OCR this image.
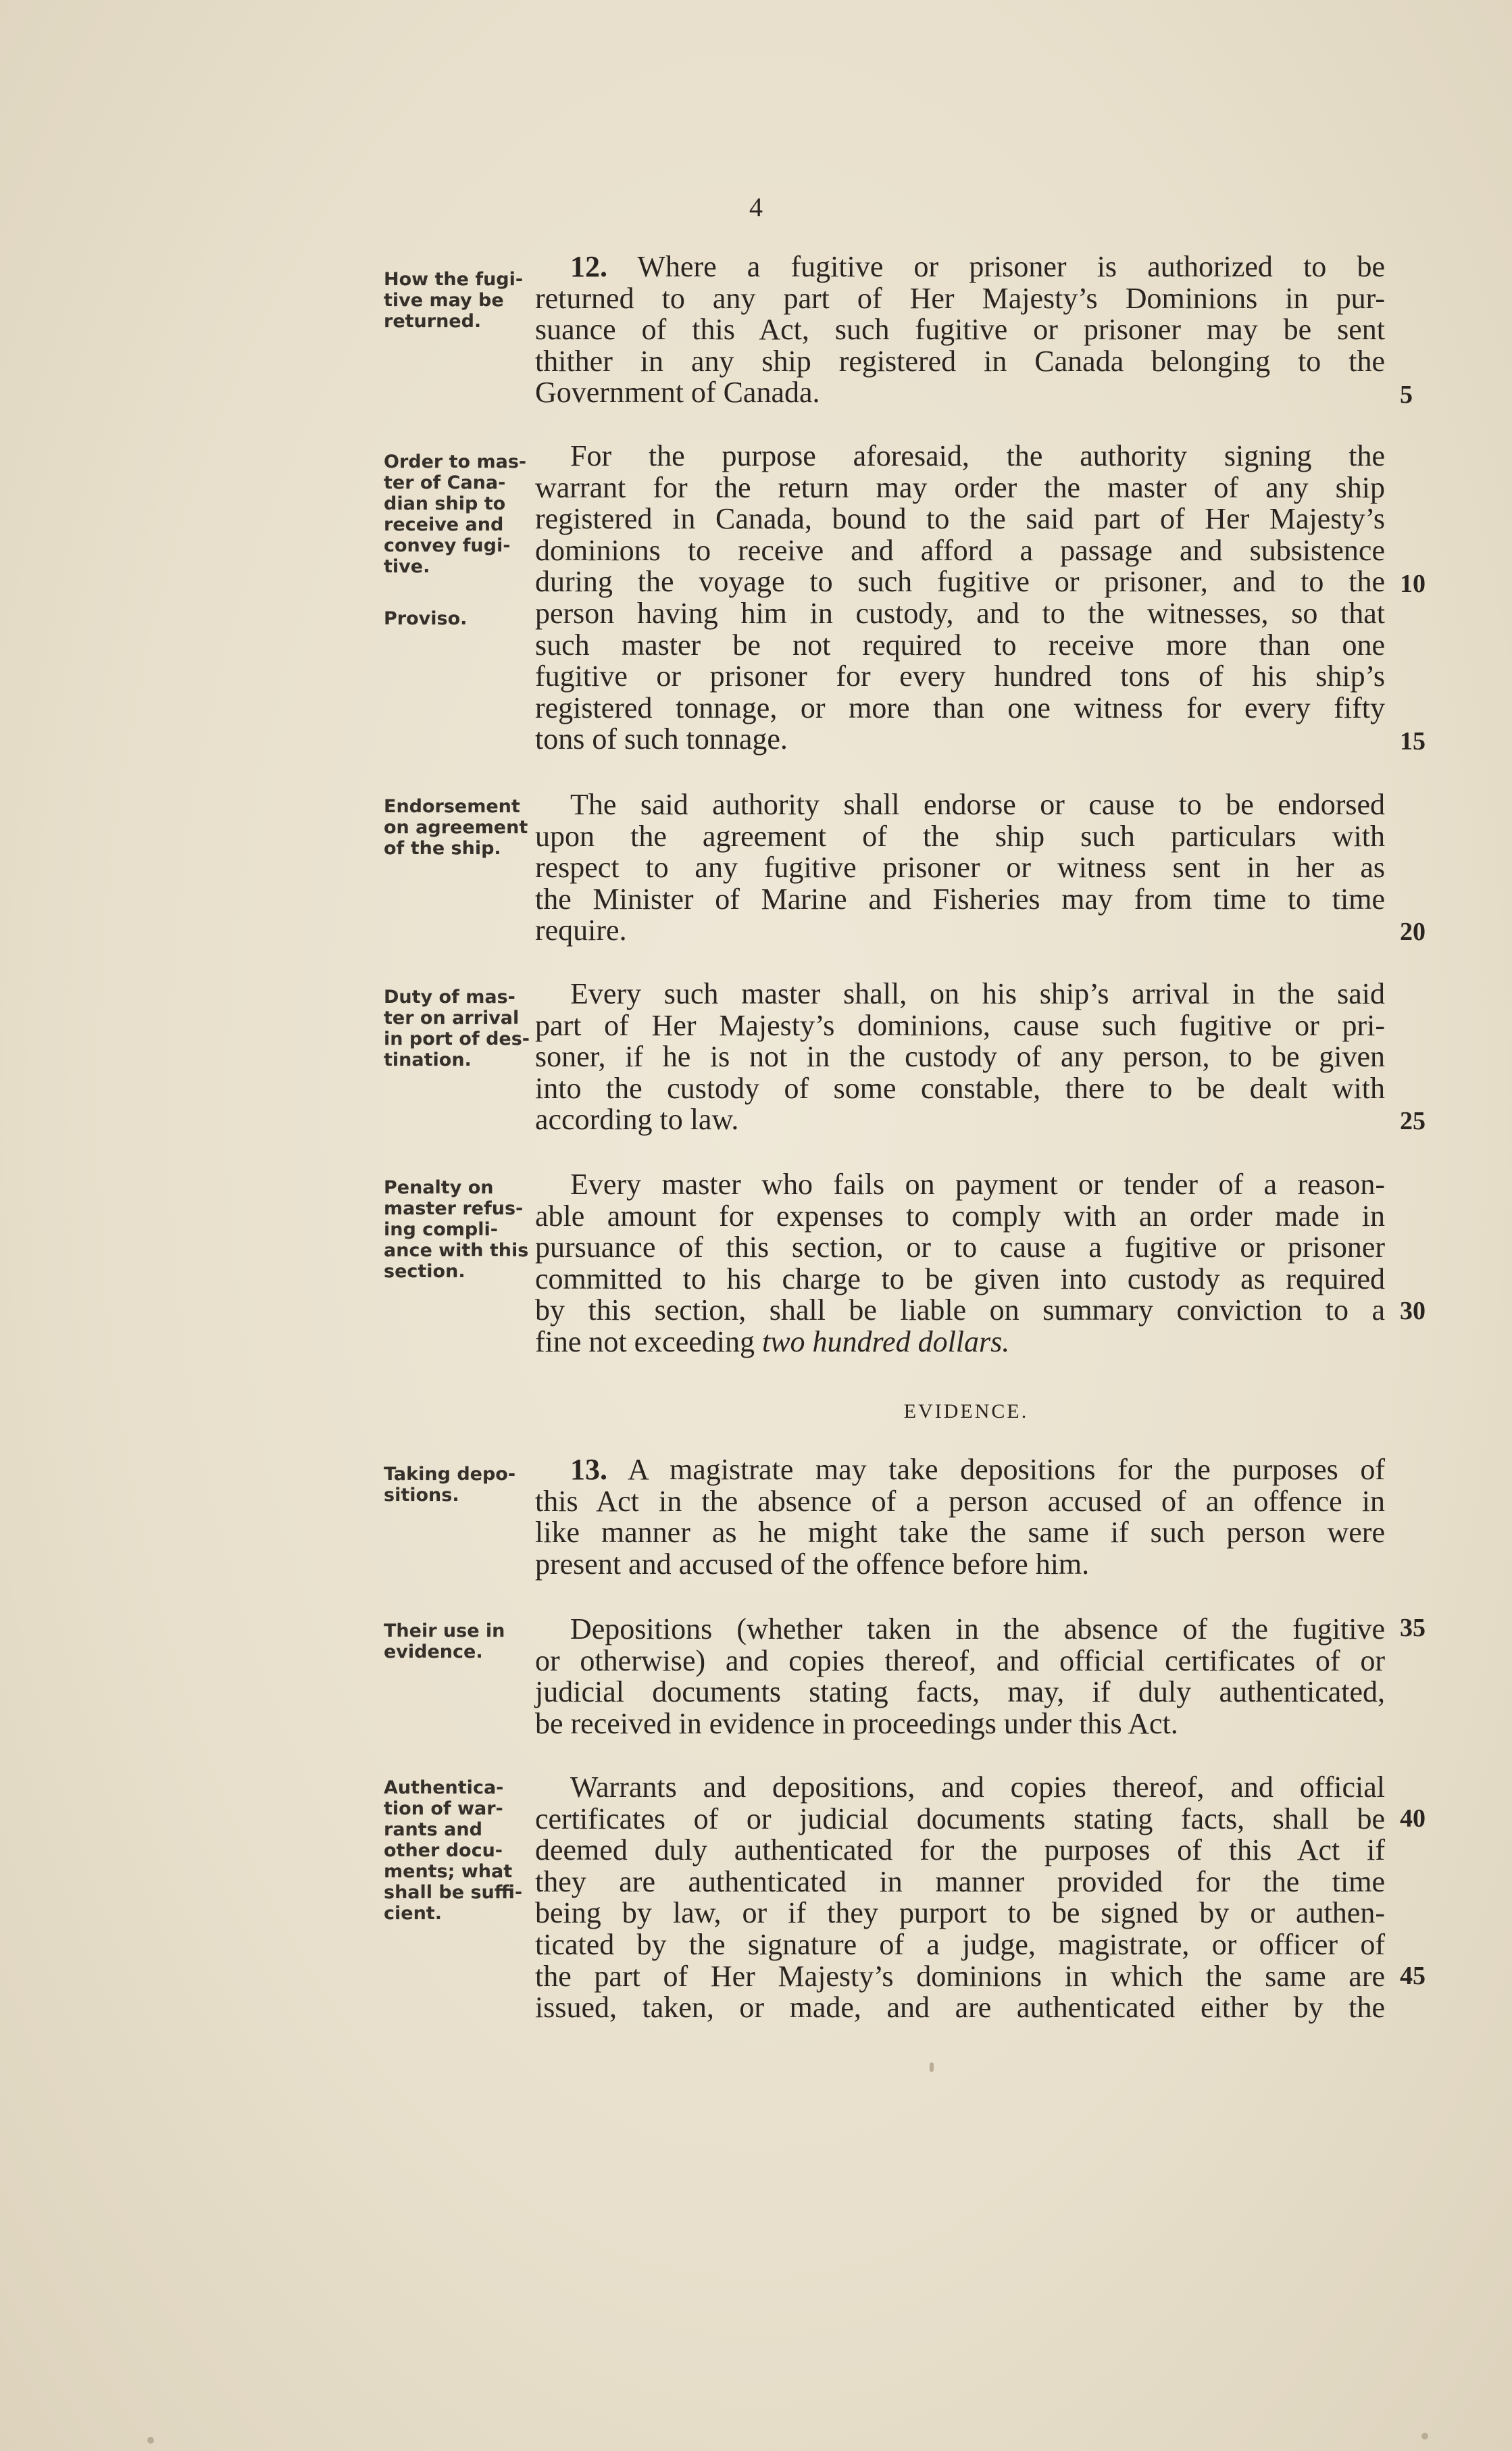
4
How the fugi-
tive may be
returned.
12. Where a fugitive or prisoner is authorized to be
returned to any part of Her Majesty’s Dominions in pur-
suance of this Act, such fugitive or prisoner may be sent
thither in any ship registered in Canada belonging to the
Government of Canada.
Order to mas-
ter of Cana-
dian ship to
receive and
convey fugi-
tive.
Proviso.
For the purpose aforesaid, the authority signing the
warrant for the return may order the master of any ship
registered in Canada, bound to the said part of Her Majesty’s
dominions to receive and afford a passage and subsistence
during the voyage to such fugitive or prisoner, and to the
person having him in custody, and to the witnesses, so that
such master be not required to receive more than one
fugitive or prisoner for every hundred tons of his ship’s
registered tonnage, or more than one witness for every fifty
tons of such tonnage.
Endorsement
on agreement
of the ship.
The said authority shall endorse or cause to be endorsed
upon the agreement of the ship such particulars with
respect to any fugitive prisoner or witness sent in her as
the Minister of Marine and Fisheries may from time to time
require.
Duty of mas-
ter on arrival
in port of des-
tination.
Every such master shall, on his ship’s arrival in the said
part of Her Majesty’s dominions, cause such fugitive or pri-
soner, if he is not in the custody of any person, to be given
into the custody of some constable, there to be dealt with
according to law.
Penalty on
master refus-
ing compli-
ance with this
section.
Every master who fails on payment or tender of a reason-
able amount for expenses to comply with an order made in
pursuance of this section, or to cause a fugitive or prisoner
committed to his charge to be given into custody as required
by this section, shall be liable on summary conviction to a
fine not exceeding two hundred dollars.
EVIDENCE.
Taking depo-
sitions.
13. A magistrate may take depositions for the purposes of
this Act in the absence of a person accused of an offence in
like manner as he might take the same if such person were
present and accused of the offence before him.
Their use in
evidence.
Depositions (whether taken in the absence of the fugitive
or otherwise) and copies thereof, and official certificates of or
judicial documents stating facts, may, if duly authenticated,
be received in evidence in proceedings under this Act.
Authentica-
tion of war-
rants and
other docu-
ments; what
shall be suffi-
cient.
Warrants and depositions, and copies thereof, and official
certificates of or judicial documents stating facts, shall be
deemed duly authenticated for the purposes of this Act if
they are authenticated in manner provided for the time
being by law, or if they purport to be signed by or authen-
ticated by the signature of a judge, magistrate, or officer of
the part of Her Majesty’s dominions in which the same are
issued, taken, or made, and are authenticated either by the
5
10
15
20
25
30
35
40
45
